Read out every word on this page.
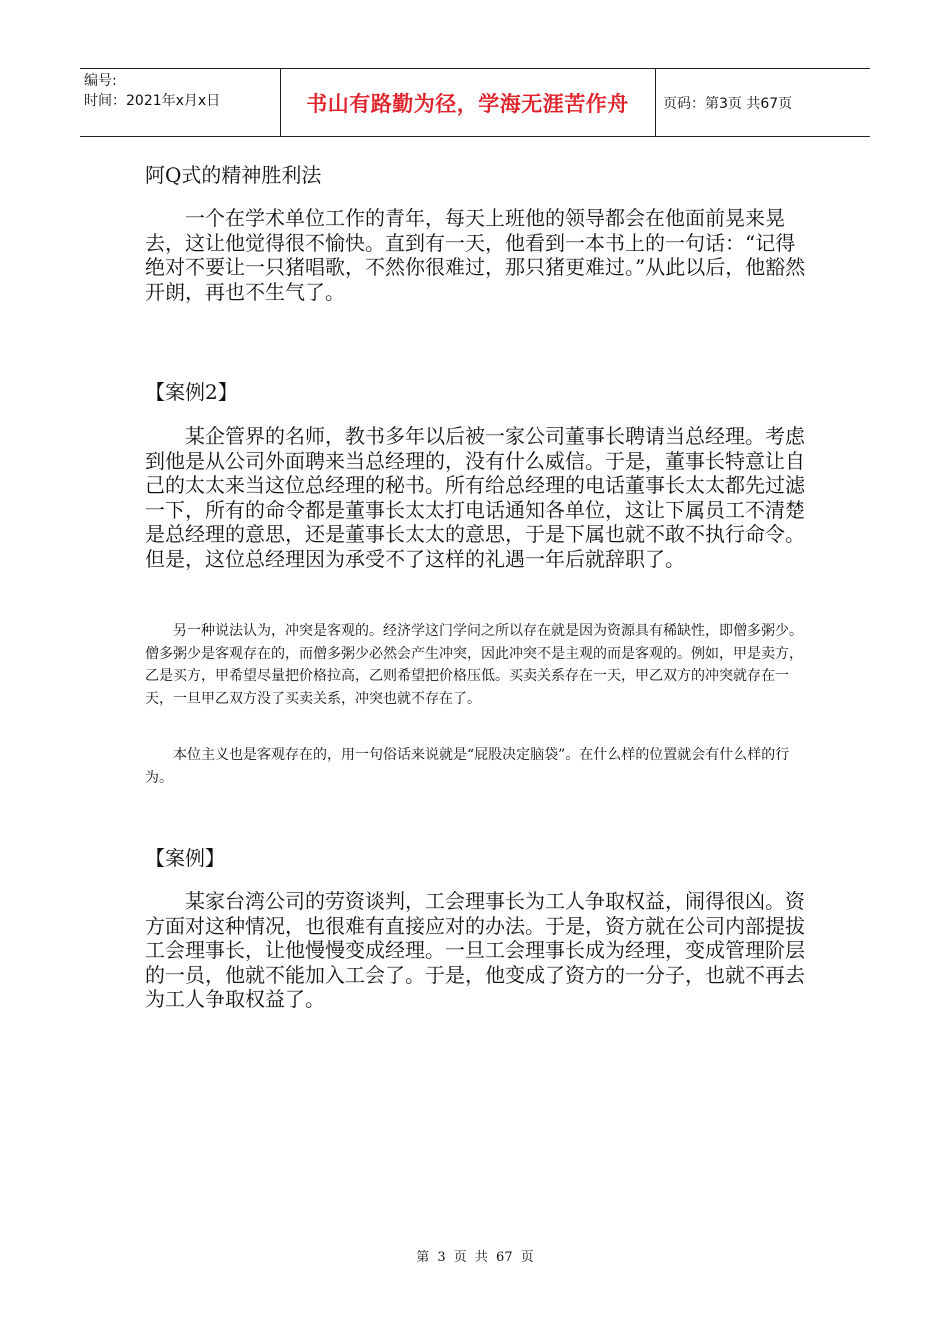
编号:
时间：2021年x月x日	书山有路勤为径，学海无涯苦作舟	页码：第3页 共67页
阿Q式的精神胜利法

一个在学术单位工作的青年，每天上班他的领导都会在他面前晃来晃去，这让他觉得很不愉快。直到有一天，他看到一本书上的一句话：“记得绝对不要让一只猪唱歌，不然你很难过，那只猪更难过。”从此以后，他豁然开朗，再也不生气了。

【案例2】

某企管界的名师，教书多年以后被一家公司董事长聘请当总经理。考虑到他是从公司外面聘来当总经理的，没有什么威信。于是，董事长特意让自己的太太来当这位总经理的秘书。所有给总经理的电话董事长太太都先过滤一下，所有的命令都是董事长太太打电话通知各单位，这让下属员工不清楚是总经理的意思，还是董事长太太的意思，于是下属也就不敢不执行命令。但是，这位总经理因为承受不了这样的礼遇一年后就辞职了。

另一种说法认为，冲突是客观的。经济学这门学问之所以存在就是因为资源具有稀缺性，即僧多粥少。僧多粥少是客观存在的，而僧多粥少必然会产生冲突，因此冲突不是主观的而是客观的。例如，甲是卖方，乙是买方，甲希望尽量把价格拉高，乙则希望把价格压低。买卖关系存在一天，甲乙双方的冲突就存在一天，一旦甲乙双方没了买卖关系，冲突也就不存在了。

本位主义也是客观存在的，用一句俗话来说就是“屁股决定脑袋”。在什么样的位置就会有什么样的行为。

【案例】

某家台湾公司的劳资谈判，工会理事长为工人争取权益，闹得很凶。资方面对这种情况，也很难有直接应对的办法。于是，资方就在公司内部提拔工会理事长，让他慢慢变成经理。一旦工会理事长成为经理，变成管理阶层的一员，他就不能加入工会了。于是，他变成了资方的一分子，也就不再去为工人争取权益了。

第 3 页 共 67 页
